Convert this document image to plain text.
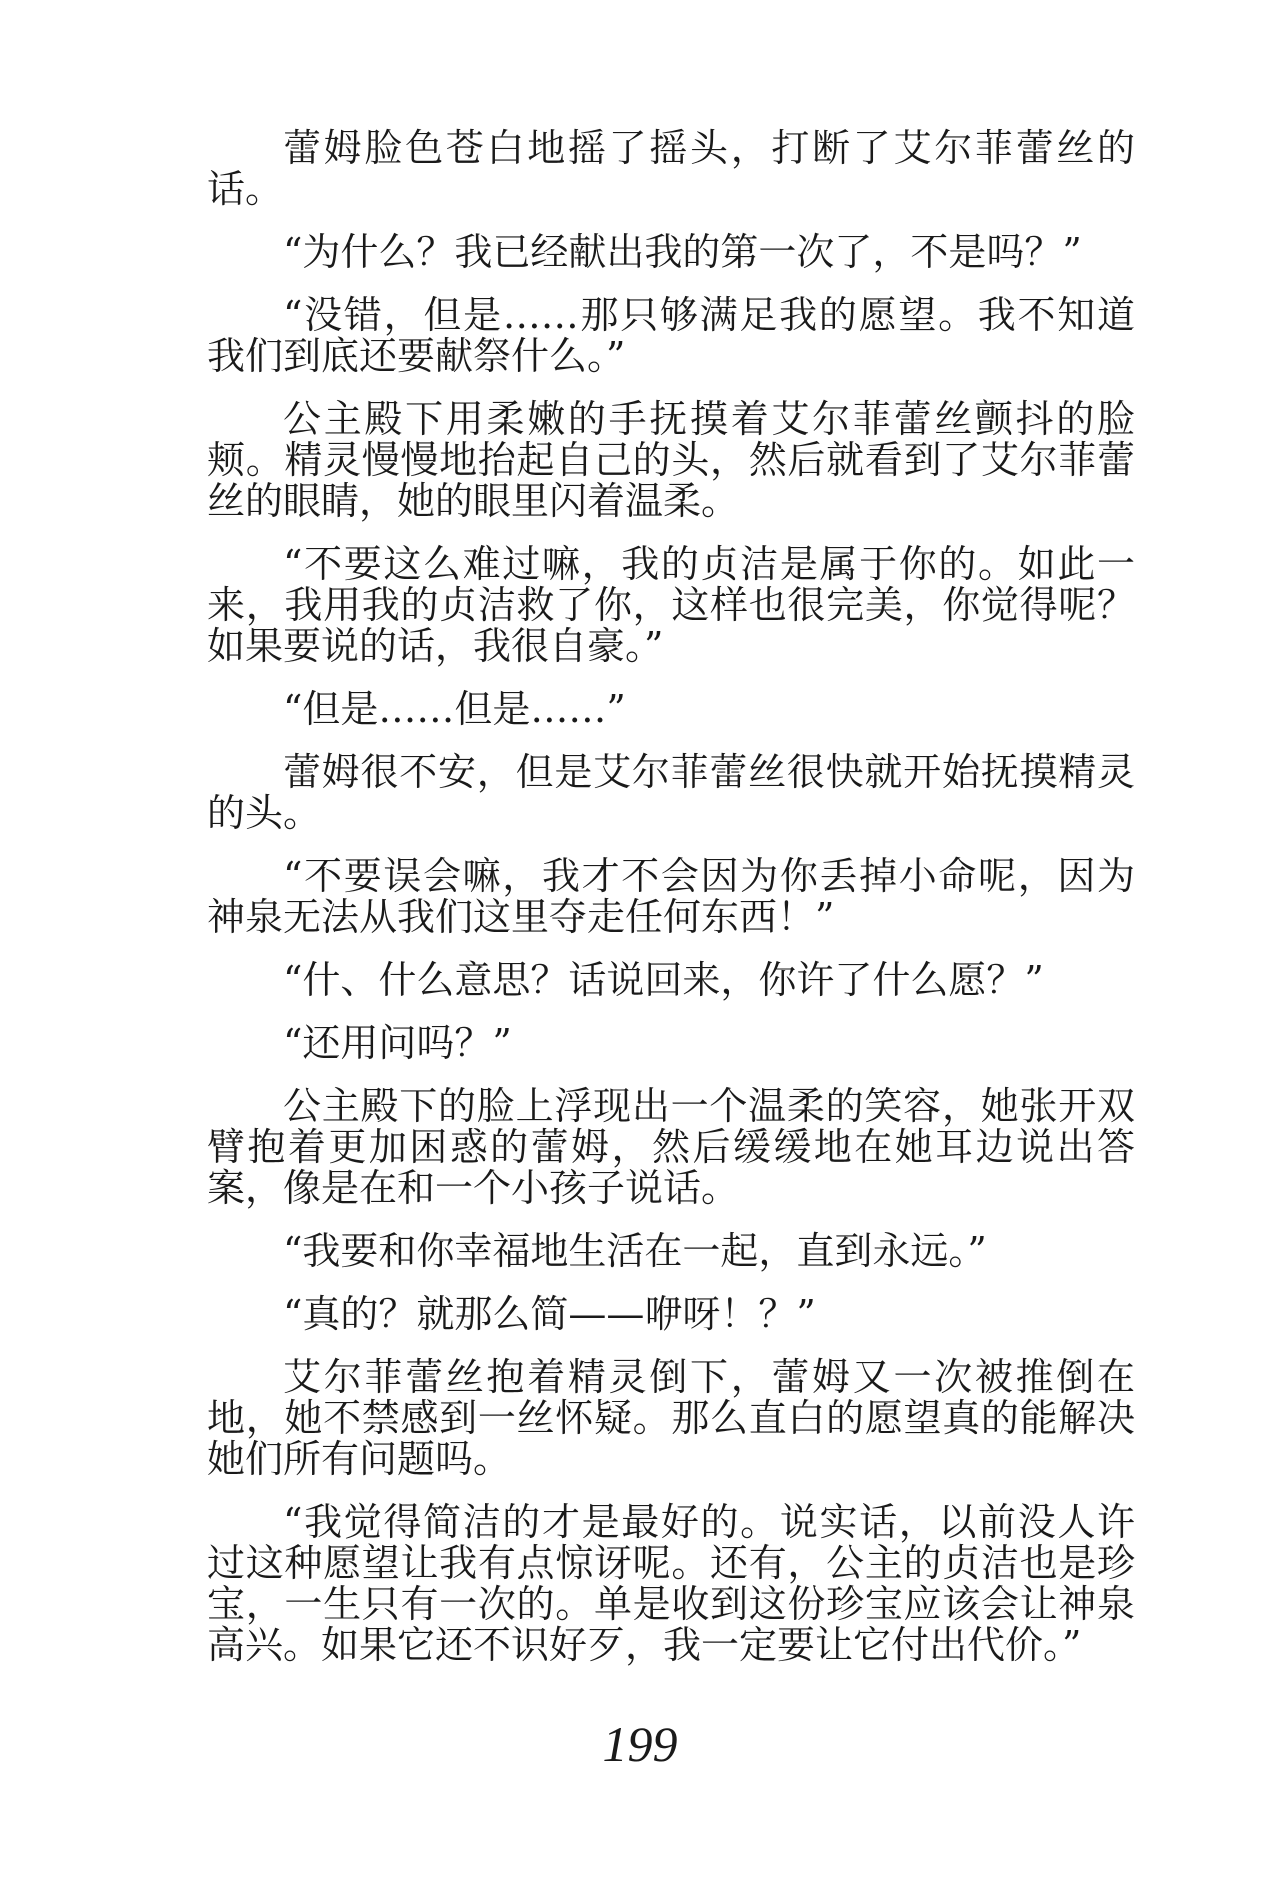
蕾姆脸色苍白地摇了摇头，打断了艾尔菲蕾丝的话。

“为什么？我已经献出我的第一次了，不是吗？”

“没错，但是……那只够满足我的愿望。我不知道我们到底还要献祭什么。”

公主殿下用柔嫩的手抚摸着艾尔菲蕾丝颤抖的脸颊。精灵慢慢地抬起自己的头，然后就看到了艾尔菲蕾丝的眼睛，她的眼里闪着温柔。

“不要这么难过嘛，我的贞洁是属于你的。如此一来，我用我的贞洁救了你，这样也很完美，你觉得呢？如果要说的话，我很自豪。”

“但是……但是……”

蕾姆很不安，但是艾尔菲蕾丝很快就开始抚摸精灵的头。

“不要误会嘛，我才不会因为你丢掉小命呢，因为神泉无法从我们这里夺走任何东西！”

“什、什么意思？话说回来，你许了什么愿？”

“还用问吗？”

公主殿下的脸上浮现出一个温柔的笑容，她张开双臂抱着更加困惑的蕾姆，然后缓缓地在她耳边说出答案，像是在和一个小孩子说话。

“我要和你幸福地生活在一起，直到永远。”

“真的？就那么简——咿呀！？”

艾尔菲蕾丝抱着精灵倒下，蕾姆又一次被推倒在地，她不禁感到一丝怀疑。那么直白的愿望真的能解决她们所有问题吗。

“我觉得简洁的才是最好的。说实话，以前没人许过这种愿望让我有点惊讶呢。还有，公主的贞洁也是珍宝，一生只有一次的。单是收到这份珍宝应该会让神泉高兴。如果它还不识好歹，我一定要让它付出代价。”

199
